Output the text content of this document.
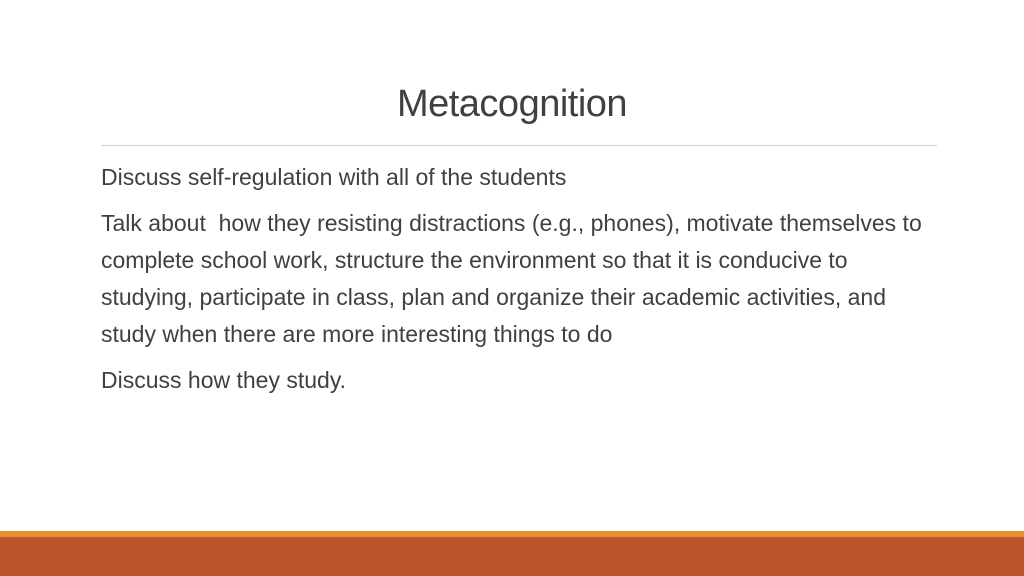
Metacognition

Discuss self-regulation with all of the students

Talk about  how they resisting distractions (e.g., phones), motivate themselves to complete school work, structure the environment so that it is conducive to studying, participate in class, plan and organize their academic activities, and study when there are more interesting things to do

Discuss how they study.
